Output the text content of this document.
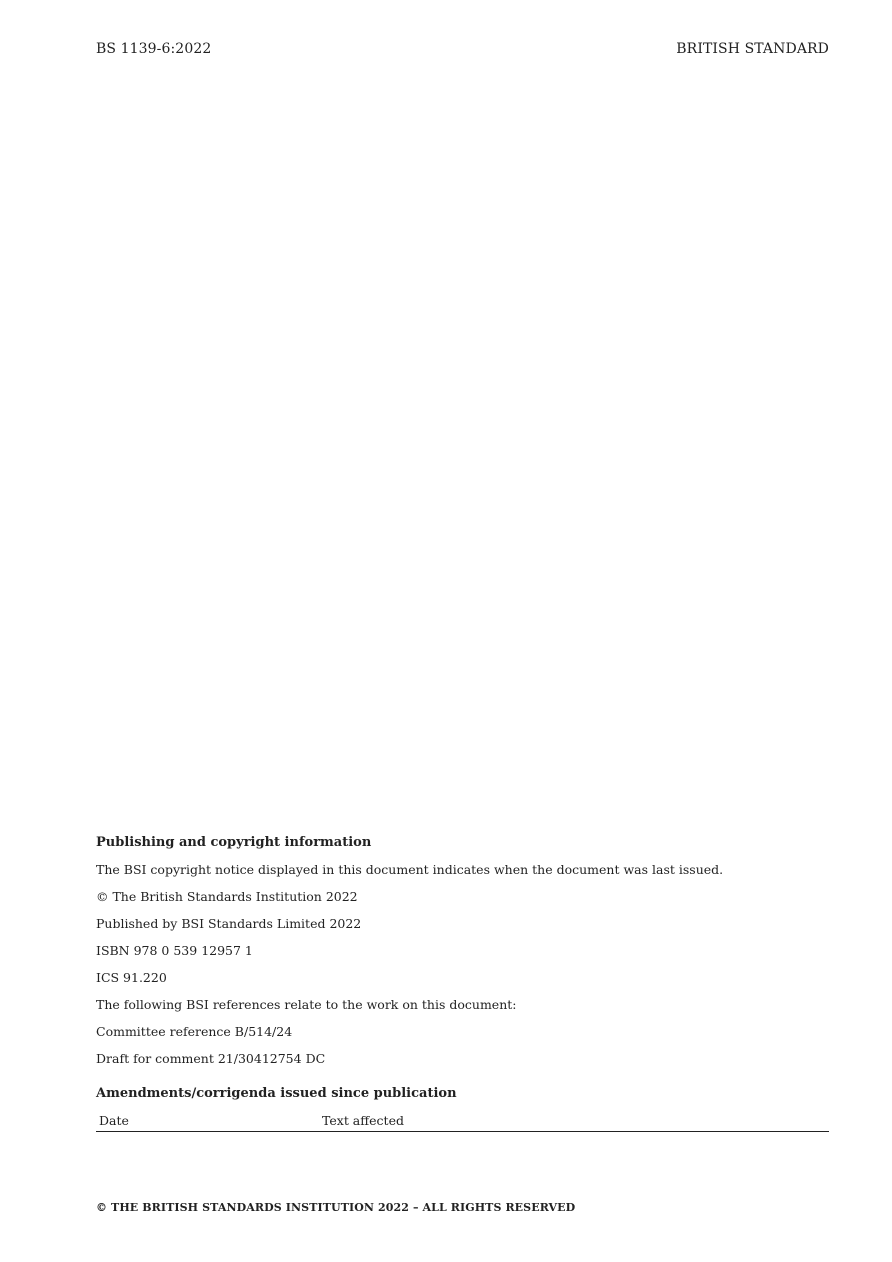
BS 1139-6:2022	BRITISH STANDARD
Publishing and copyright information
The BSI copyright notice displayed in this document indicates when the document was last issued.
© The British Standards Institution 2022
Published by BSI Standards Limited 2022
ISBN 978 0 539 12957 1
ICS 91.220
The following BSI references relate to the work on this document:
Committee reference B/514/24
Draft for comment 21/30412754 DC
Amendments/corrigenda issued since publication
Date	Text affected
© THE BRITISH STANDARDS INSTITUTION 2022 – ALL RIGHTS RESERVED
